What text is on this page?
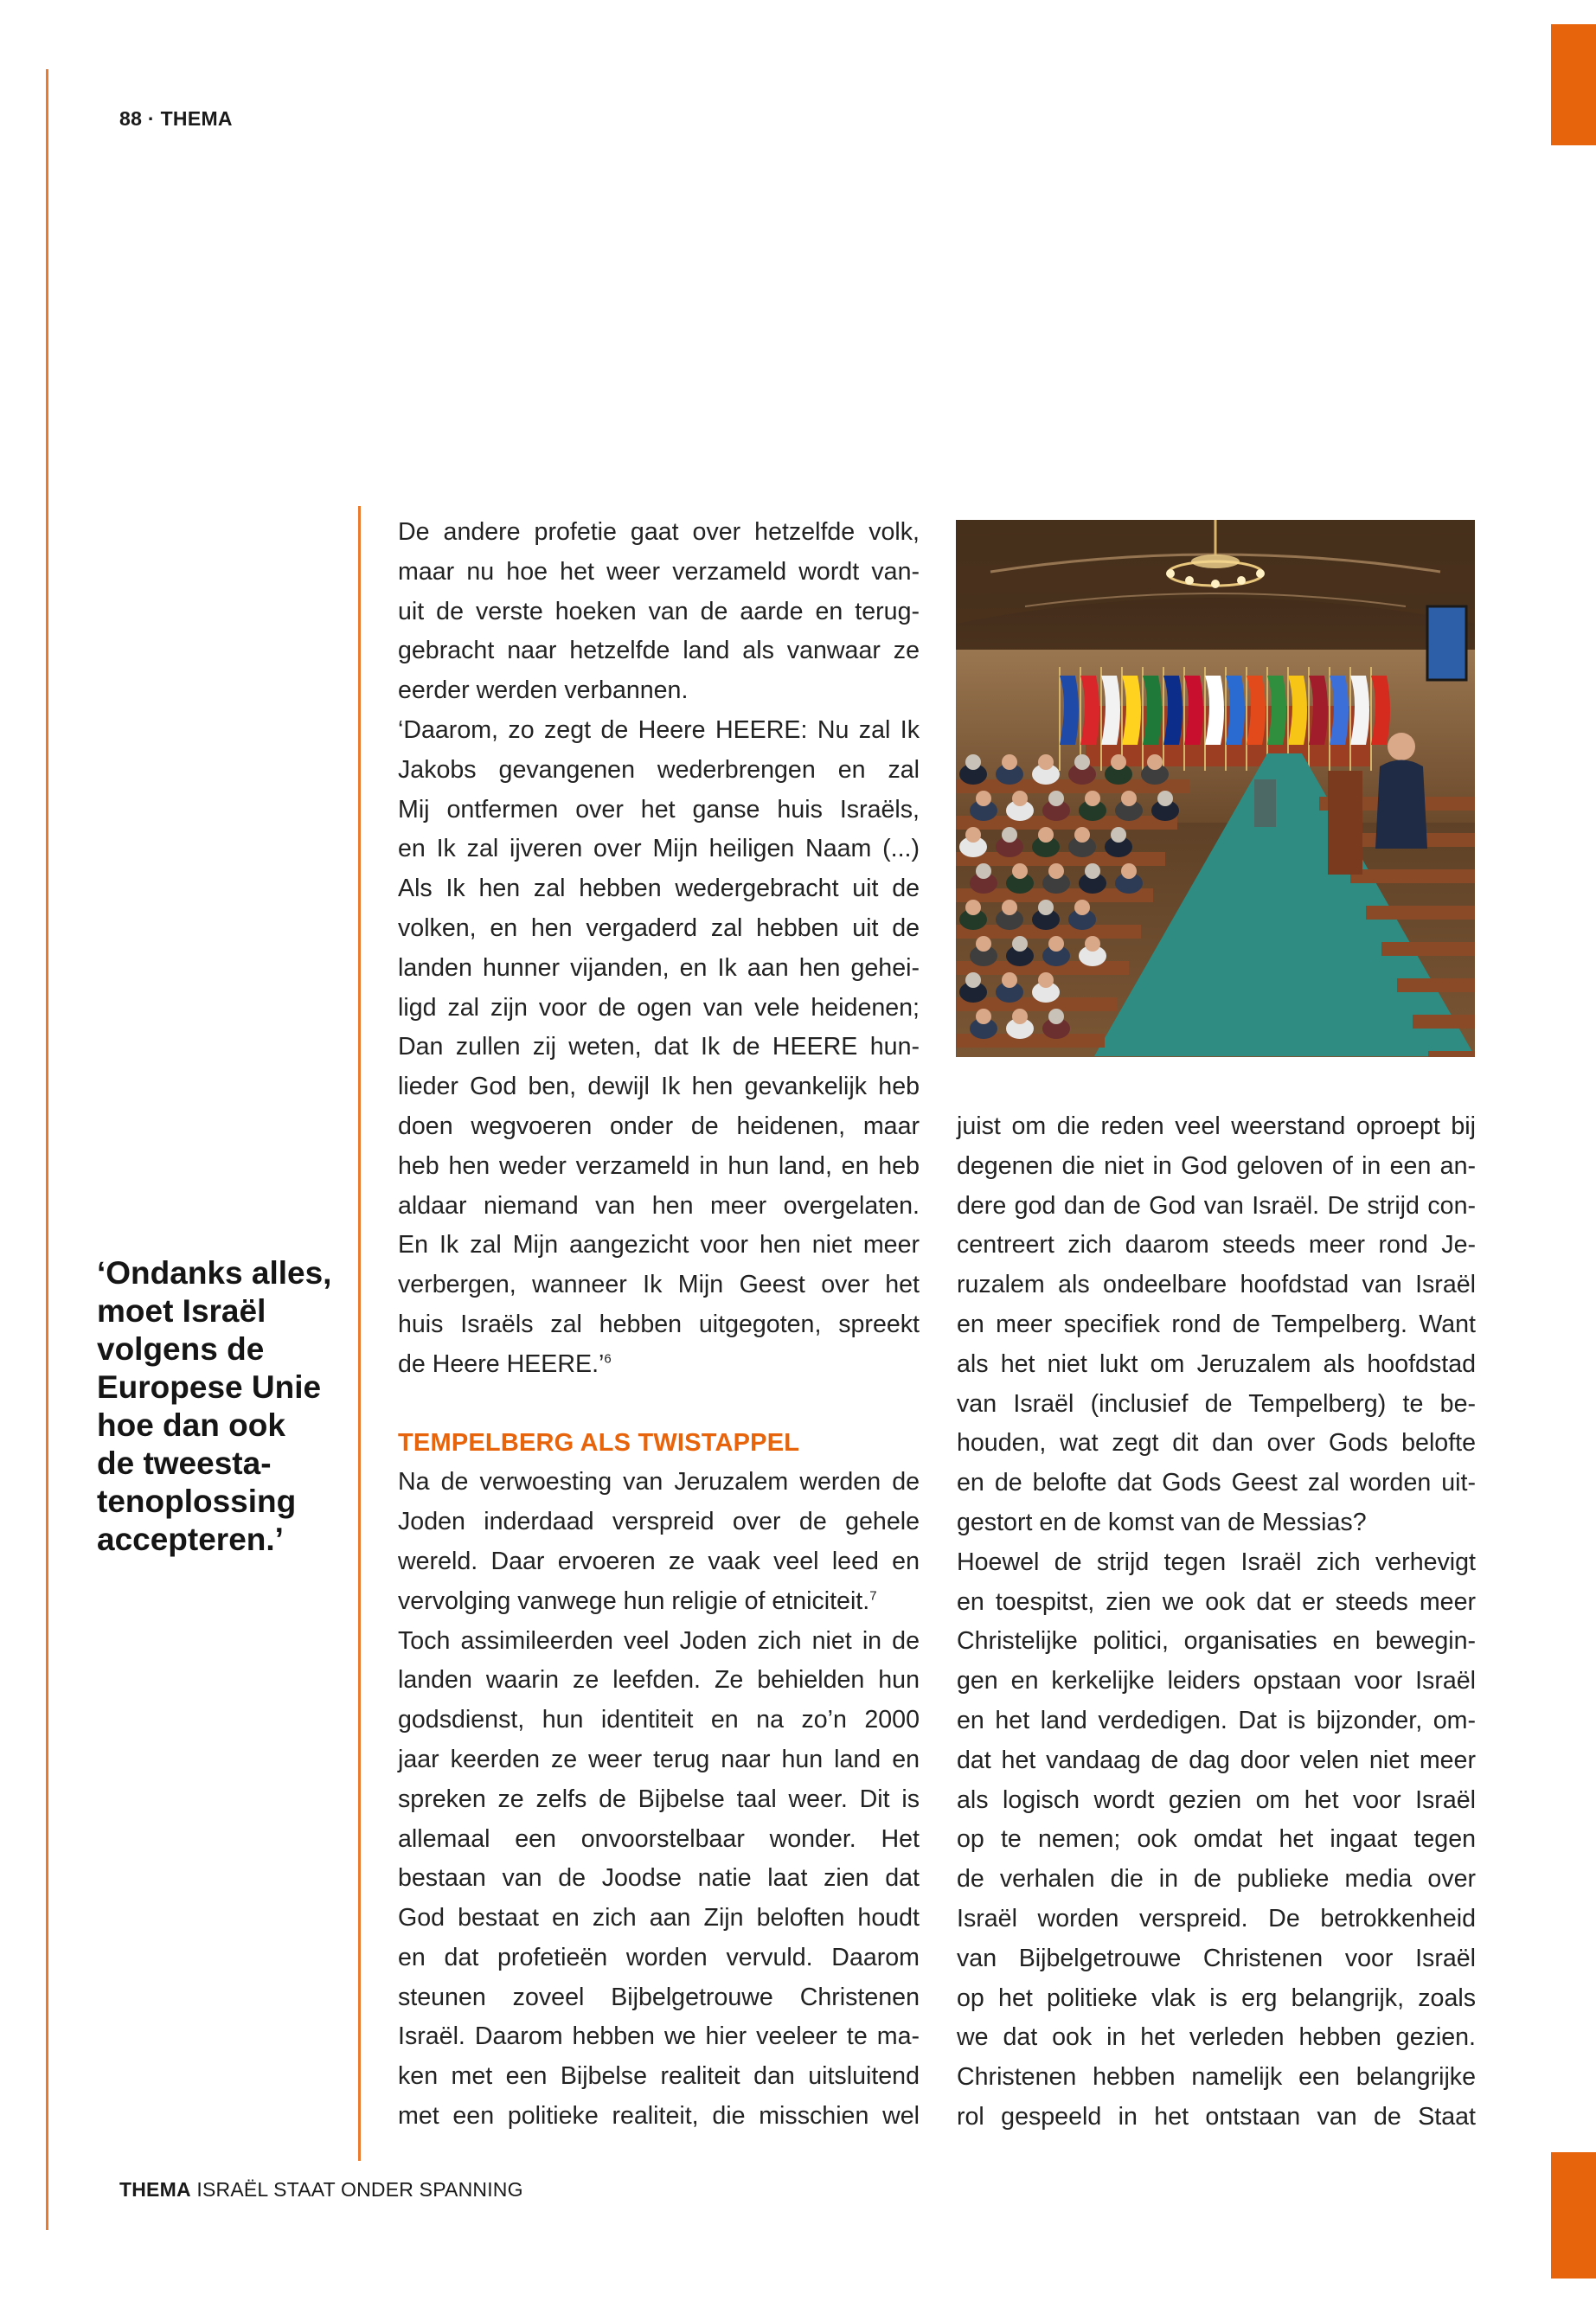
88 · THEMA

‘Ondanks alles,
moet Israël
volgens de
Europese Unie
hoe dan ook
de tweesta-
tenoplossing
accepteren.’

De andere profetie gaat over hetzelfde volk,
maar nu hoe het weer verzameld wordt van-
uit de verste hoeken van de aarde en terug-
gebracht naar hetzelfde land als vanwaar ze
eerder werden verbannen.
‘Daarom, zo zegt de Heere HEERE: Nu zal Ik
Jakobs gevangenen wederbrengen en zal
Mij ontfermen over het ganse huis Israëls,
en Ik zal ijveren over Mijn heiligen Naam (...)
Als Ik hen zal hebben wedergebracht uit de
volken, en hen vergaderd zal hebben uit de
landen hunner vijanden, en Ik aan hen gehei-
ligd zal zijn voor de ogen van vele heidenen;
Dan zullen zij weten, dat Ik de HEERE hun-
lieder God ben, dewijl Ik hen gevankelijk heb
doen wegvoeren onder de heidenen, maar
heb hen weder verzameld in hun land, en heb
aldaar niemand van hen meer overgelaten.
En Ik zal Mijn aangezicht voor hen niet meer
verbergen, wanneer Ik Mijn Geest over het
huis Israëls zal hebben uitgegoten, spreekt
de Heere HEERE.’$^6$
TEMPELBERG ALS TWISTAPPEL
Na de verwoesting van Jeruzalem werden de
Joden inderdaad verspreid over de gehele
wereld. Daar ervoeren ze vaak veel leed en
vervolging vanwege hun religie of etniciteit.$^7$
Toch assimileerden veel Joden zich niet in de
landen waarin ze leefden. Ze behielden hun
godsdienst, hun identiteit en na zo’n 2000
jaar keerden ze weer terug naar hun land en
spreken ze zelfs de Bijbelse taal weer. Dit is
allemaal een onvoorstelbaar wonder. Het
bestaan van de Joodse natie laat zien dat
God bestaat en zich aan Zijn beloften houdt
en dat profetieën worden vervuld. Daarom
steunen zoveel Bijbelgetrouwe Christenen
Israël. Daarom hebben we hier veeleer te ma-
ken met een Bijbelse realiteit dan uitsluitend
met een politieke realiteit, die misschien wel
juist om die reden veel weerstand oproept bij
degenen die niet in God geloven of in een an-
dere god dan de God van Israël. De strijd con-
centreert zich daarom steeds meer rond Je-
ruzalem als ondeelbare hoofdstad van Israël
en meer specifiek rond de Tempelberg. Want
als het niet lukt om Jeruzalem als hoofdstad
van Israël (inclusief de Tempelberg) te be-
houden, wat zegt dit dan over Gods belofte
en de belofte dat Gods Geest zal worden uit-
gestort en de komst van de Messias?
Hoewel de strijd tegen Israël zich verhevigt
en toespitst, zien we ook dat er steeds meer
Christelijke politici, organisaties en bewegin-
gen en kerkelijke leiders opstaan voor Israël
en het land verdedigen. Dat is bijzonder, om-
dat het vandaag de dag door velen niet meer
als logisch wordt gezien om het voor Israël
op te nemen; ook omdat het ingaat tegen
de verhalen die in de publieke media over
Israël worden verspreid. De betrokkenheid
van Bijbelgetrouwe Christenen voor Israël
op het politieke vlak is erg belangrijk, zoals
we dat ook in het verleden hebben gezien.
Christenen hebben namelijk een belangrijke
rol gespeeld in het ontstaan van de Staat
THEMA ISRAËL STAAT ONDER SPANNING
